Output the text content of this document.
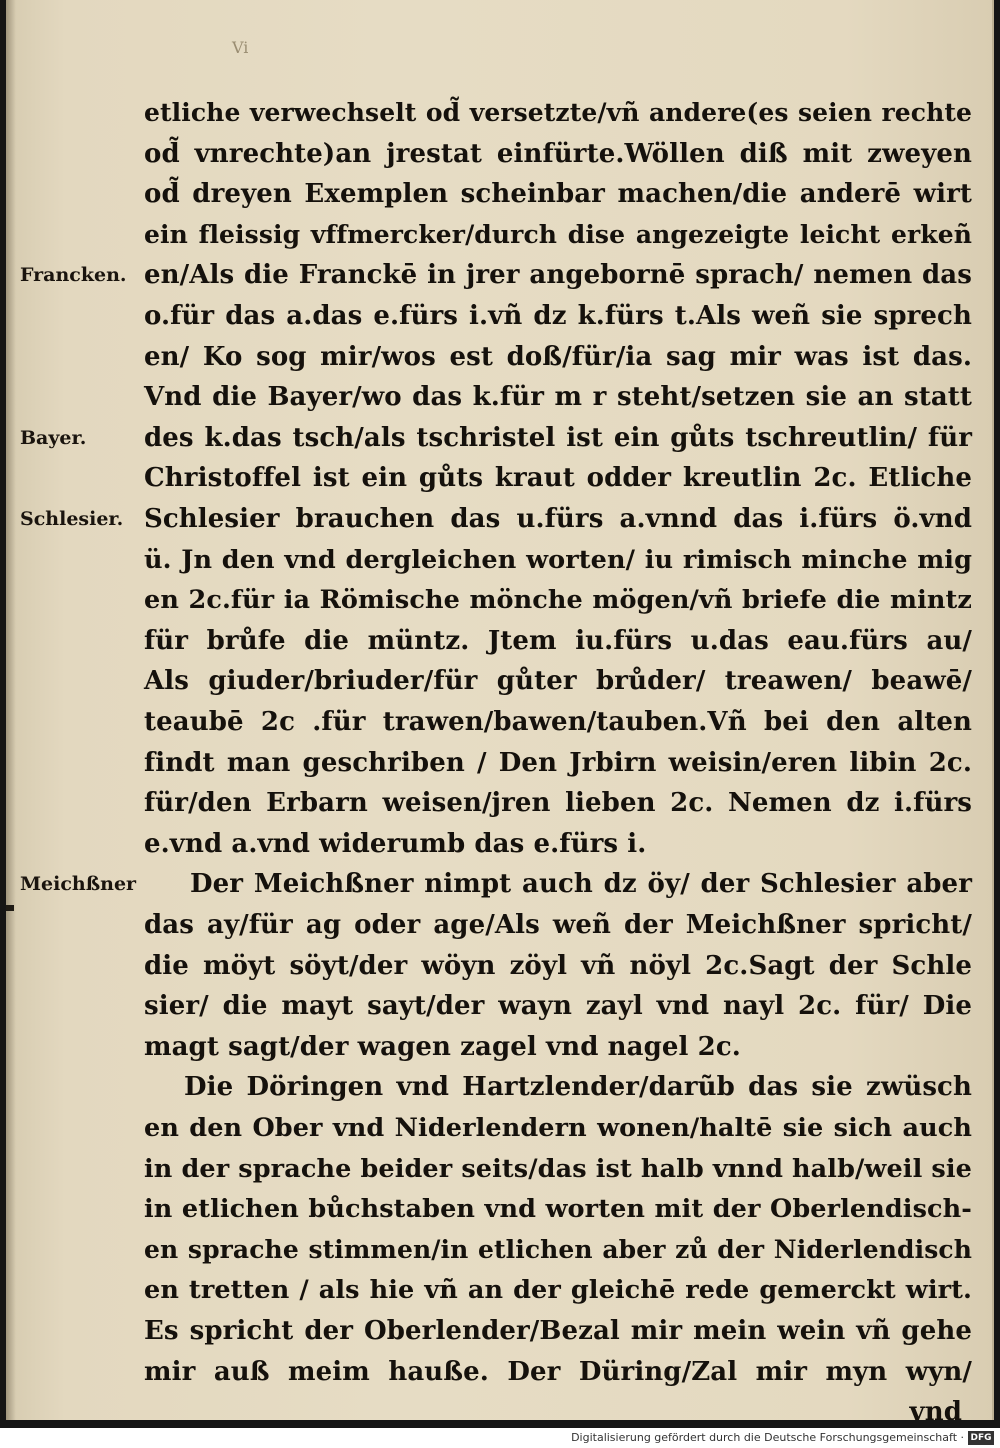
Vi
etliche verwechselt od̃ versetzte/vñ andere(es seien rechte
od̃ vnrechte)an jrestat einfürte.Wöllen diß mit zweyen
od̃ dreyen Exemplen scheinbar machen/die anderē wirt
ein fleissig vffmercker/durch dise angezeigte leicht erkeñ
en/Als die Franckē in jrer angebornē sprach/ nemen das
Francken.
o.für das a.das e.fürs i.vñ dz k.fürs t.Als weñ sie sprech
en/ Ko sog mir/wos est doß/für/ia sag mir was ist das.
Vnd die Bayer/wo das k.für m r steht/setzen sie an statt
des k.das tsch/als tschristel ist ein gůts tschreutlin/ für
Bayer.
Christoffel ist ein gůts kraut odder kreutlin 2c. Etliche
Schlesier brauchen das u.fürs a.vnnd das i.fürs ö.vnd
Schlesier.
ü. Jn den vnd dergleichen worten/ iu rimisch minche mig
en 2c.für ia Römische mönche mögen/vñ briefe die mintz
für brůfe die müntz. Jtem iu.fürs u.das eau.fürs au/
Als giuder/briuder/für gůter brůder/ treawen/ beawē/
teaubē 2c .für trawen/bawen/tauben.Vñ bei den alten
findt man geschriben / Den Jrbirn weisin/eren libin 2c.
für/den Erbarn weisen/jren lieben 2c. Nemen dz i.fürs
e.vnd a.vnd widerumb das e.fürs i.
Der Meichßner nimpt auch dz öy/ der Schlesier aber
Meichßner
das ay/für ag oder age/Als weñ der Meichßner spricht/
die möyt söyt/der wöyn zöyl vñ nöyl 2c.Sagt der Schle
sier/ die mayt sayt/der wayn zayl vnd nayl 2c. für/ Die
magt sagt/der wagen zagel vnd nagel 2c.
Die Döringen vnd Hartzlender/darũb das sie zwüsch
en den Ober vnd Niderlendern wonen/haltē sie sich auch
in der sprache beider seits/das ist halb vnnd halb/weil sie
in etlichen bůchstaben vnd worten mit der Oberlendisch-
en sprache stimmen/in etlichen aber zů der Niderlendisch
en tretten / als hie vñ an der gleichē rede gemerckt wirt.
Es spricht der Oberlender/Bezal mir mein wein vñ gehe
mir auß meim hauße. Der Düring/Zal mir myn wyn/
vnd
Digitalisierung gefördert durch die Deutsche Forschungsgemeinschaft · DFG
